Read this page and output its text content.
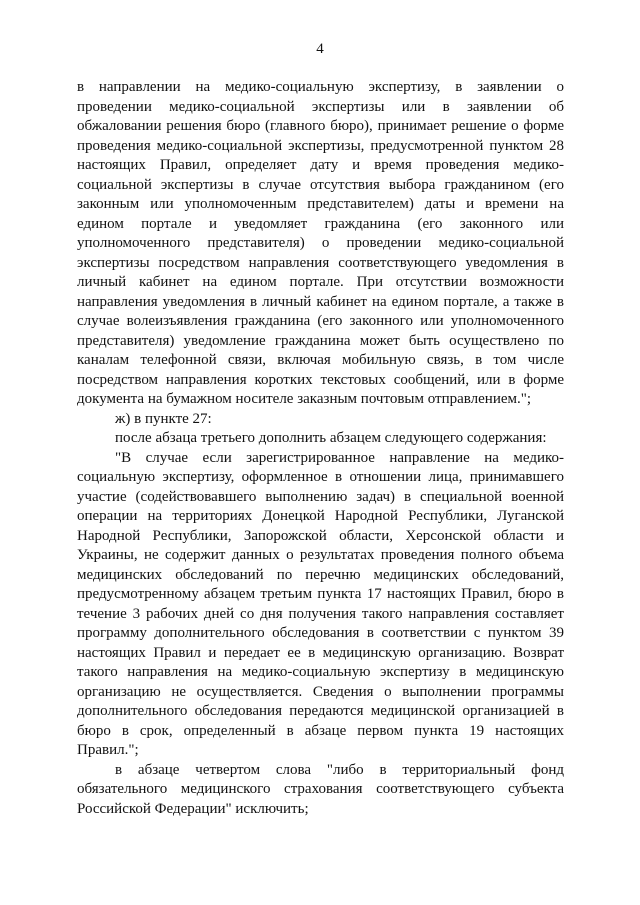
4

в направлении на медико-социальную экспертизу, в заявлении о проведении медико-социальной экспертизы или в заявлении об обжаловании решения бюро (главного бюро), принимает решение о форме проведения медико-социальной экспертизы, предусмотренной пунктом 28 настоящих Правил, определяет дату и время проведения медико-социальной экспертизы в случае отсутствия выбора гражданином (его законным или уполномоченным представителем) даты и времени на едином портале и уведомляет гражданина (его законного или уполномоченного представителя) о проведении медико-социальной экспертизы посредством направления соответствующего уведомления в личный кабинет на едином портале. При отсутствии возможности направления уведомления в личный кабинет на едином портале, а также в случае волеизъявления гражданина (его законного или уполномоченного представителя) уведомление гражданина может быть осуществлено по каналам телефонной связи, включая мобильную связь, в том числе посредством направления коротких текстовых сообщений, или в форме документа на бумажном носителе заказным почтовым отправлением.";

ж) в пункте 27:

после абзаца третьего дополнить абзацем следующего содержания:

"В случае если зарегистрированное направление на медико-социальную экспертизу, оформленное в отношении лица, принимавшего участие (содействовавшего выполнению задач) в специальной военной операции на территориях Донецкой Народной Республики, Луганской Народной Республики, Запорожской области, Херсонской области и Украины, не содержит данных о результатах проведения полного объема медицинских обследований по перечню медицинских обследований, предусмотренному абзацем третьим пункта 17 настоящих Правил, бюро в течение 3 рабочих дней со дня получения такого направления составляет программу дополнительного обследования в соответствии с пунктом 39 настоящих Правил и передает ее в медицинскую организацию. Возврат такого направления на медико-социальную экспертизу в медицинскую организацию не осуществляется. Сведения о выполнении программы дополнительного обследования передаются медицинской организацией в бюро в срок, определенный в абзаце первом пункта 19 настоящих Правил.";

в абзаце четвертом слова "либо в территориальный фонд обязательного медицинского страхования соответствующего субъекта Российской Федерации" исключить;
